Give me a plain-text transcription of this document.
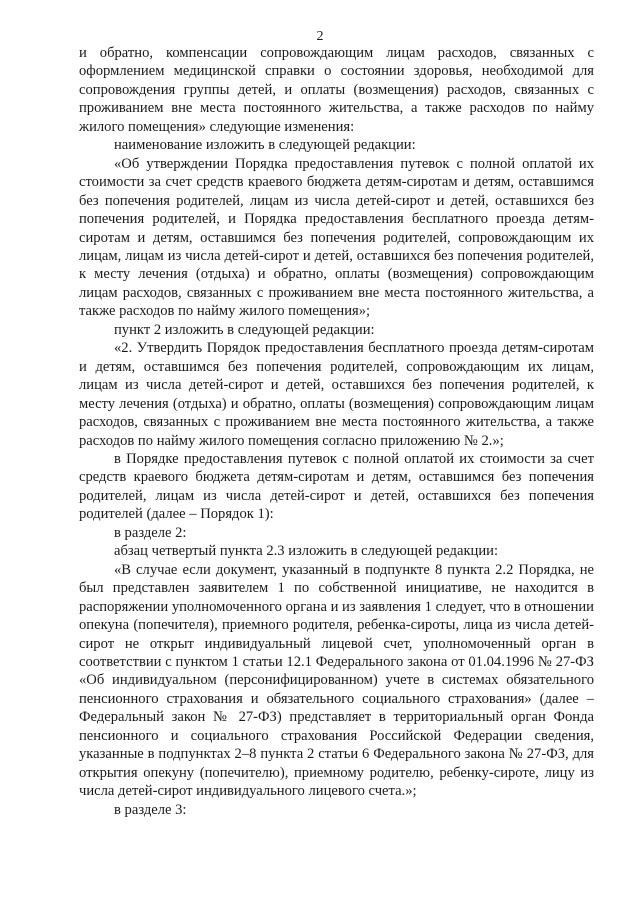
2

и обратно, компенсации сопровождающим лицам расходов, связанных с оформлением медицинской справки о состоянии здоровья, необходимой для сопровождения группы детей, и оплаты (возмещения) расходов, связанных с проживанием вне места постоянного жительства, а также расходов по найму жилого помещения» следующие изменения:

наименование изложить в следующей редакции:

«Об утверждении Порядка предоставления путевок с полной оплатой их стоимости за счет средств краевого бюджета детям-сиротам и детям, оставшимся без попечения родителей, лицам из числа детей-сирот и детей, оставшихся без попечения родителей, и Порядка предоставления бесплатного проезда детям-сиротам и детям, оставшимся без попечения родителей, сопровождающим их лицам, лицам из числа детей-сирот и детей, оставшихся без попечения родителей, к месту лечения (отдыха) и обратно, оплаты (возмещения) сопровождающим лицам расходов, связанных с проживанием вне места постоянного жительства, а также расходов по найму жилого помещения»;

пункт 2 изложить в следующей редакции:

«2. Утвердить Порядок предоставления бесплатного проезда детям-сиротам и детям, оставшимся без попечения родителей, сопровождающим их лицам, лицам из числа детей-сирот и детей, оставшихся без попечения родителей, к месту лечения (отдыха) и обратно, оплаты (возмещения) сопровождающим лицам расходов, связанных с проживанием вне места постоянного жительства, а также расходов по найму жилого помещения согласно приложению № 2.»;

в Порядке предоставления путевок с полной оплатой их стоимости за счет средств краевого бюджета детям-сиротам и детям, оставшимся без попечения родителей, лицам из числа детей-сирот и детей, оставшихся без попечения родителей (далее – Порядок 1):

в разделе 2:

абзац четвертый пункта 2.3 изложить в следующей редакции:

«В случае если документ, указанный в подпункте 8 пункта 2.2 Порядка, не был представлен заявителем 1 по собственной инициативе, не находится в распоряжении уполномоченного органа и из заявления 1 следует, что в отношении опекуна (попечителя), приемного родителя, ребенка-сироты, лица из числа детей-сирот не открыт индивидуальный лицевой счет, уполномоченный орган в соответствии с пунктом 1 статьи 12.1 Федерального закона от 01.04.1996 № 27-ФЗ «Об индивидуальном (персонифицированном) учете в системах обязательного пенсионного страхования и обязательного социального страхования» (далее – Федеральный закон № 27-ФЗ) представляет в территориальный орган Фонда пенсионного и социального страхования Российской Федерации сведения, указанные в подпунктах 2–8 пункта 2 статьи 6 Федерального закона № 27-ФЗ, для открытия опекуну (попечителю), приемному родителю, ребенку-сироте, лицу из числа детей-сирот индивидуального лицевого счета.»;

в разделе 3:
